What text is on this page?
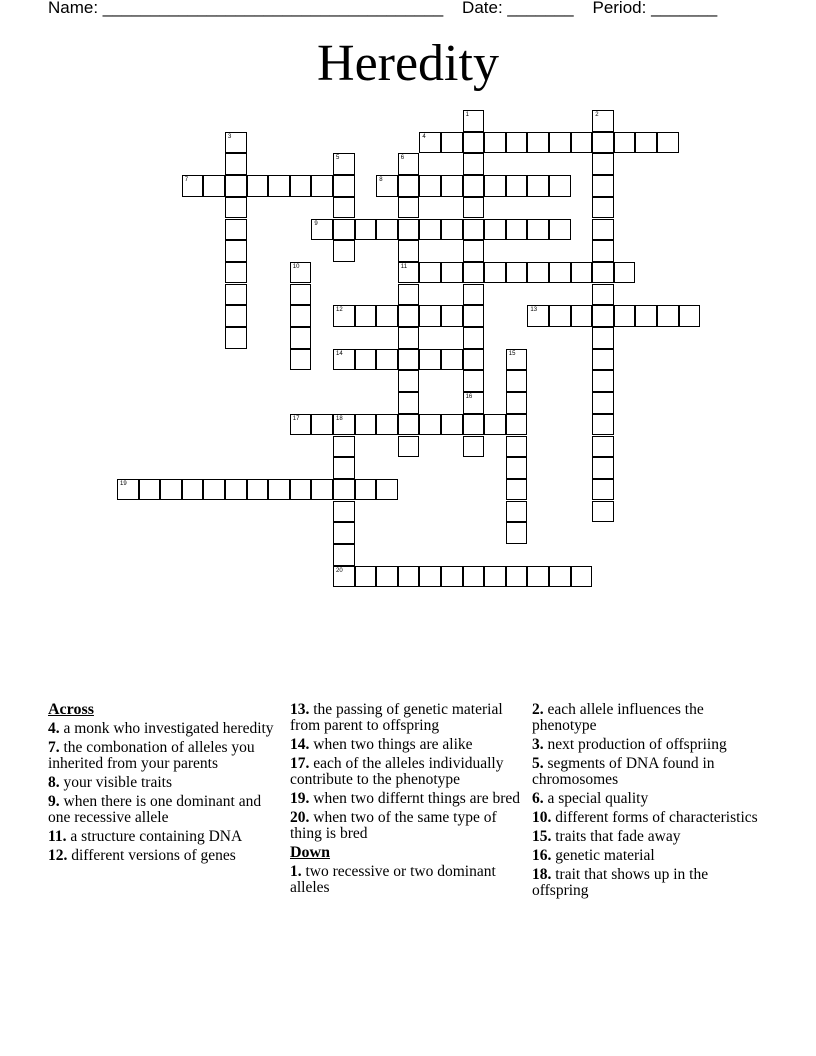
Name: ____________________________________    Date: _______    Period: _______
Heredity
1
16
2
3	4
5	6
11
7	8
9
10
12	13
14	15
17	18
19
20
Across
4. a monk who investigated heredity
7. the combonation of alleles you inherited from your parents
8. your visible traits
9. when there is one dominant and one recessive allele
11. a structure containing DNA
12. different versions of genes
13. the passing of genetic material from parent to offspring
14. when two things are alike
17. each of the alleles individually contribute to the phenotype
19. when two differnt things are bred
20. when two of the same type of thing is bred
Down
1. two recessive or two dominant alleles
2. each allele influences the phenotype
3. next production of offspriing
5. segments of DNA found in chromosomes
6. a special quality
10. different forms of characteristics
15. traits that fade away
16. genetic material
18. trait that shows up in the offspring
